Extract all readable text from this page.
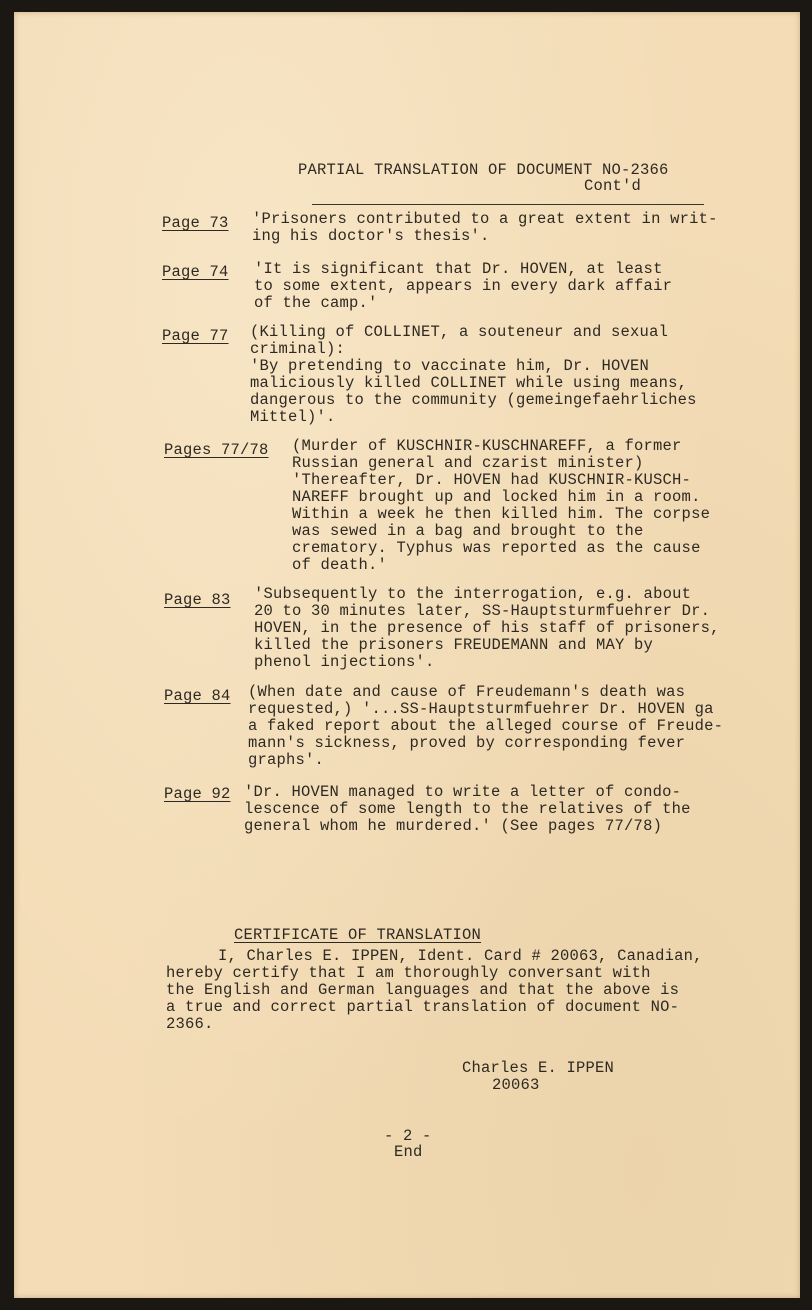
PARTIAL TRANSLATION OF DOCUMENT NO-2366
Cont'd
Page 73 'Prisoners contributed to a great extent in writ-
ing his doctor's thesis'.
Page 74 'It is significant that Dr. HOVEN, at least
to some extent, appears in every dark affair
of the camp.'
Page 77 (Killing of COLLINET, a souteneur and sexual
criminal):
'By pretending to vaccinate him, Dr. HOVEN
maliciously killed COLLINET while using means,
dangerous to the community (gemeingefaehrliches
Mittel)'.
Pages 77/78 (Murder of KUSCHNIR-KUSCHNAREFF, a former
Russian general and czarist minister)
'Thereafter, Dr. HOVEN had KUSCHNIR-KUSCH-
NAREFF brought up and locked him in a room.
Within a week he then killed him. The corpse
was sewed in a bag and brought to the
crematory. Typhus was reported as the cause
of death.'
Page 83 'Subsequently to the interrogation, e.g. about
20 to 30 minutes later, SS-Hauptsturmfuehrer Dr.
HOVEN, in the presence of his staff of prisoners,
killed the prisoners FREUDEMANN and MAY by
phenol injections'.
Page 84 (When date and cause of Freudemann's death was
requested,) '...SS-Hauptsturmfuehrer Dr. HOVEN ga
a faked report about the alleged course of Freude-
mann's sickness, proved by corresponding fever
graphs'.
Page 92 'Dr. HOVEN managed to write a letter of condo-
lescence of some length to the relatives of the
general whom he murdered.' (See pages 77/78)
CERTIFICATE OF TRANSLATION
I, Charles E. IPPEN, Ident. Card # 20063, Canadian,
hereby certify that I am thoroughly conversant with
the English and German languages and that the above is
a true and correct partial translation of document NO-
2366.
Charles E. IPPEN
20063
- 2 -
End
